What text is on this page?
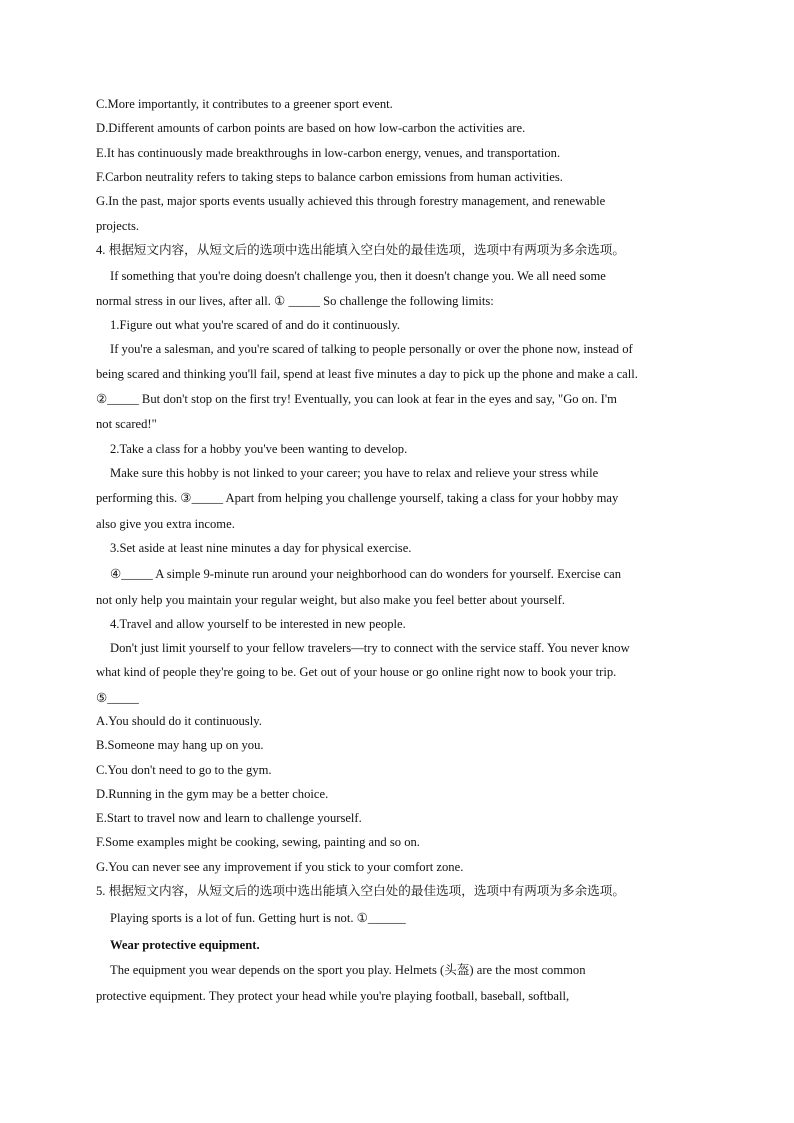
C.More importantly, it contributes to a greener sport event.
D.Different amounts of carbon points are based on how low-carbon the activities are.
E.It has continuously made breakthroughs in low-carbon energy, venues, and transportation.
F.Carbon neutrality refers to taking steps to balance carbon emissions from human activities.
G.In the past, major sports events usually achieved this through forestry management, and renewable
projects.
4. 根据短文内容，从短文后的选项中选出能填入空白处的最佳选项，选项中有两项为多余选项。
If something that you're doing doesn't challenge you, then it doesn't change you. We all need some
normal stress in our lives, after all. ① _____ So challenge the following limits:
1.Figure out what you're scared of and do it continuously.
If you're a salesman, and you're scared of talking to people personally or over the phone now, instead of
being scared and thinking you'll fail, spend at least five minutes a day to pick up the phone and make a call.
②_____ But don't stop on the first try! Eventually, you can look at fear in the eyes and say, "Go on. I'm
not scared!"
2.Take a class for a hobby you've been wanting to develop.
Make sure this hobby is not linked to your career; you have to relax and relieve your stress while
performing this. ③_____ Apart from helping you challenge yourself, taking a class for your hobby may
also give you extra income.
3.Set aside at least nine minutes a day for physical exercise.
④_____ A simple 9-minute run around your neighborhood can do wonders for yourself. Exercise can
not only help you maintain your regular weight, but also make you feel better about yourself.
4.Travel and allow yourself to be interested in new people.
Don't just limit yourself to your fellow travelers—try to connect with the service staff. You never know
what kind of people they're going to be. Get out of your house or go online right now to book your trip.
⑤_____
A.You should do it continuously.
B.Someone may hang up on you.
C.You don't need to go to the gym.
D.Running in the gym may be a better choice.
E.Start to travel now and learn to challenge yourself.
F.Some examples might be cooking, sewing, painting and so on.
G.You can never see any improvement if you stick to your comfort zone.
5. 根据短文内容，从短文后的选项中选出能填入空白处的最佳选项，选项中有两项为多余选项。
Playing sports is a lot of fun. Getting hurt is not. ①______
Wear protective equipment.
The equipment you wear depends on the sport you play. Helmets (头盔) are the most common
protective equipment. They protect your head while you're playing football, baseball, softball,
